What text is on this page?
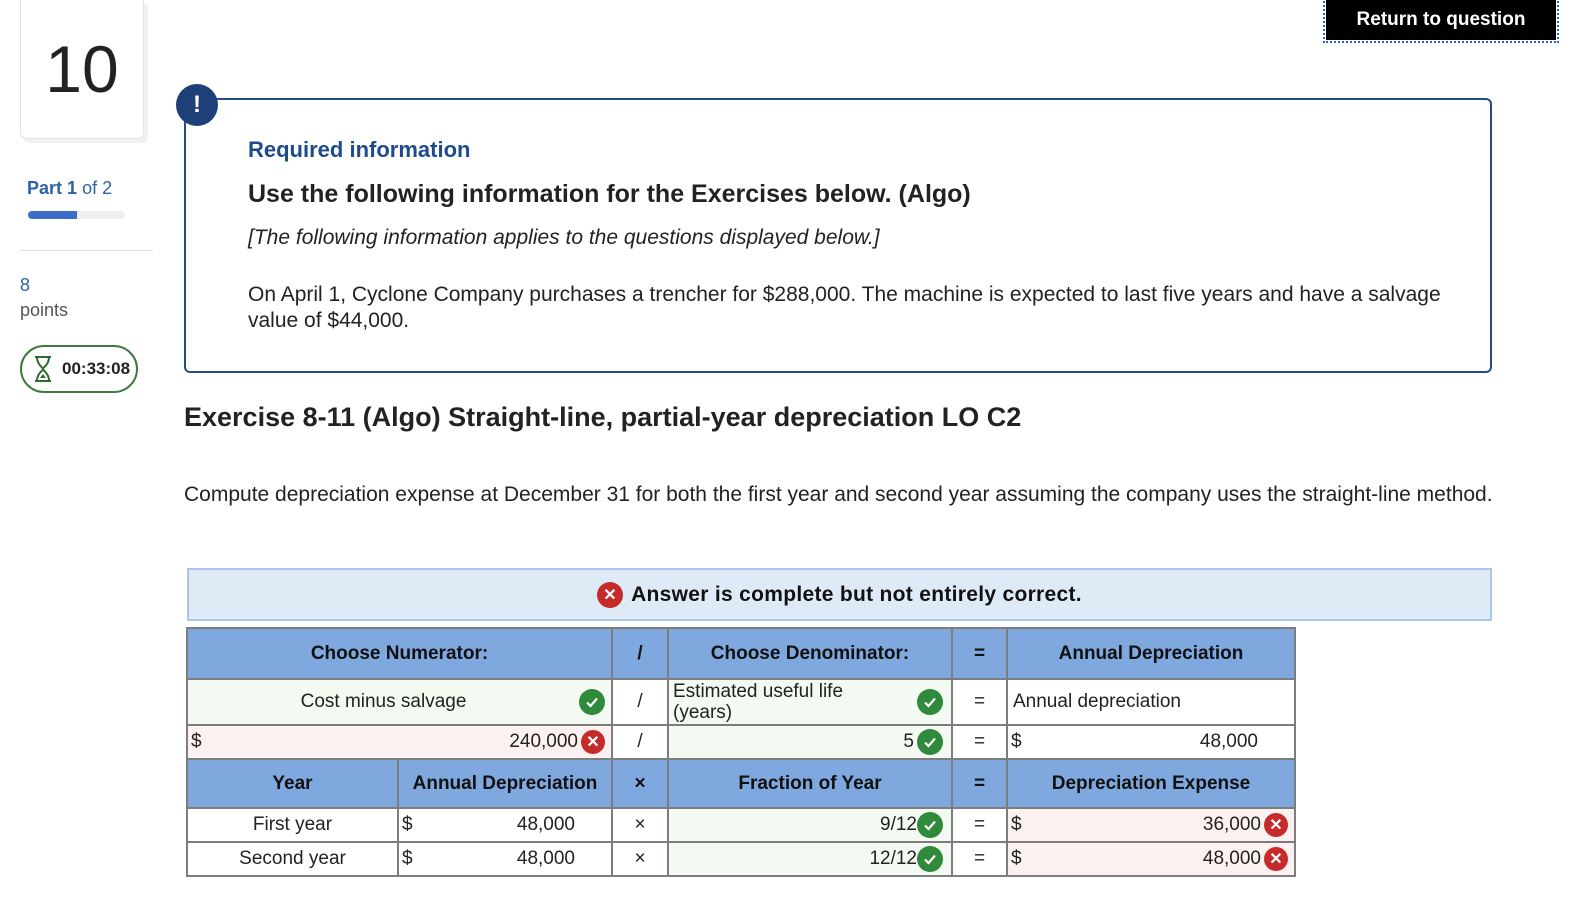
Return to question
10
Part 1 of 2
8
points
00:33:08
!
Required information
Use the following information for the Exercises below. (Algo)
[The following information applies to the questions displayed below.]
On April 1, Cyclone Company purchases a trencher for $288,000. The machine is expected to last five years and have a salvage value of $44,000.
Exercise 8-11 (Algo) Straight-line, partial-year depreciation LO C2
Compute depreciation expense at December 31 for both the first year and second year assuming the company uses the straight-line method.
✕ Answer is complete but not entirely correct.
Choose Numerator:		/	Choose Denominator:	=	Annual Depreciation

Cost minus salvage		/	Estimated useful life (years)	=	Annual depreciation

$ 240,000 ✕		/	5	=	$ 48,000

Year	Annual Depreciation	×	Fraction of Year	=	Depreciation Expense
First year	$ 48,000	×	9/12	=	$ 36,000 ✕

Second year	$ 48,000	×	12/12	=	$ 48,000 ✕
